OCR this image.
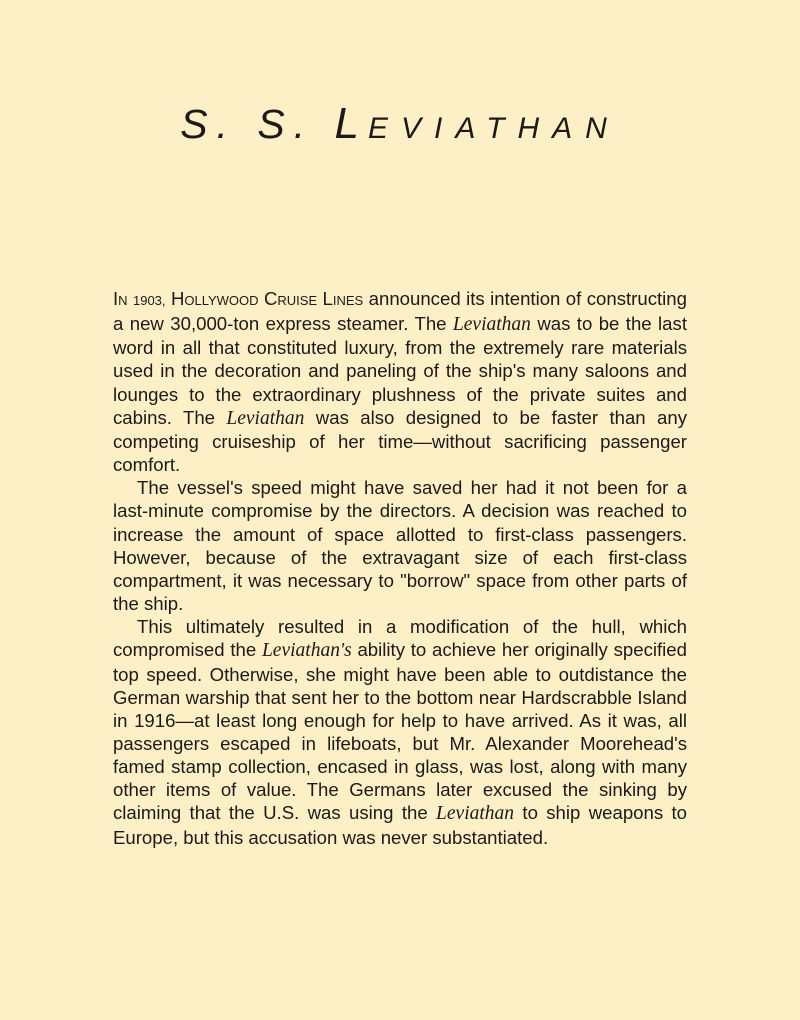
S. S. LEVIATHAN

In 1903, Hollywood Cruise Lines announced its intention of constructing a new 30,000-ton express steamer. The Leviathan was to be the last word in all that constituted luxury, from the extremely rare materials used in the decoration and paneling of the ship's many saloons and lounges to the extraordinary plushness of the private suites and cabins. The Leviathan was also designed to be faster than any competing cruiseship of her time—without sacrificing passenger comfort.

The vessel's speed might have saved her had it not been for a last-minute compromise by the directors. A decision was reached to increase the amount of space allotted to first-class passengers. However, because of the extravagant size of each first-class compartment, it was necessary to "borrow" space from other parts of the ship.

This ultimately resulted in a modification of the hull, which compromised the Leviathan's ability to achieve her originally specified top speed. Otherwise, she might have been able to outdistance the German warship that sent her to the bottom near Hardscrabble Island in 1916—at least long enough for help to have arrived. As it was, all passengers escaped in lifeboats, but Mr. Alexander Moorehead's famed stamp collection, encased in glass, was lost, along with many other items of value. The Germans later excused the sinking by claiming that the U.S. was using the Leviathan to ship weapons to Europe, but this accusation was never substantiated.
